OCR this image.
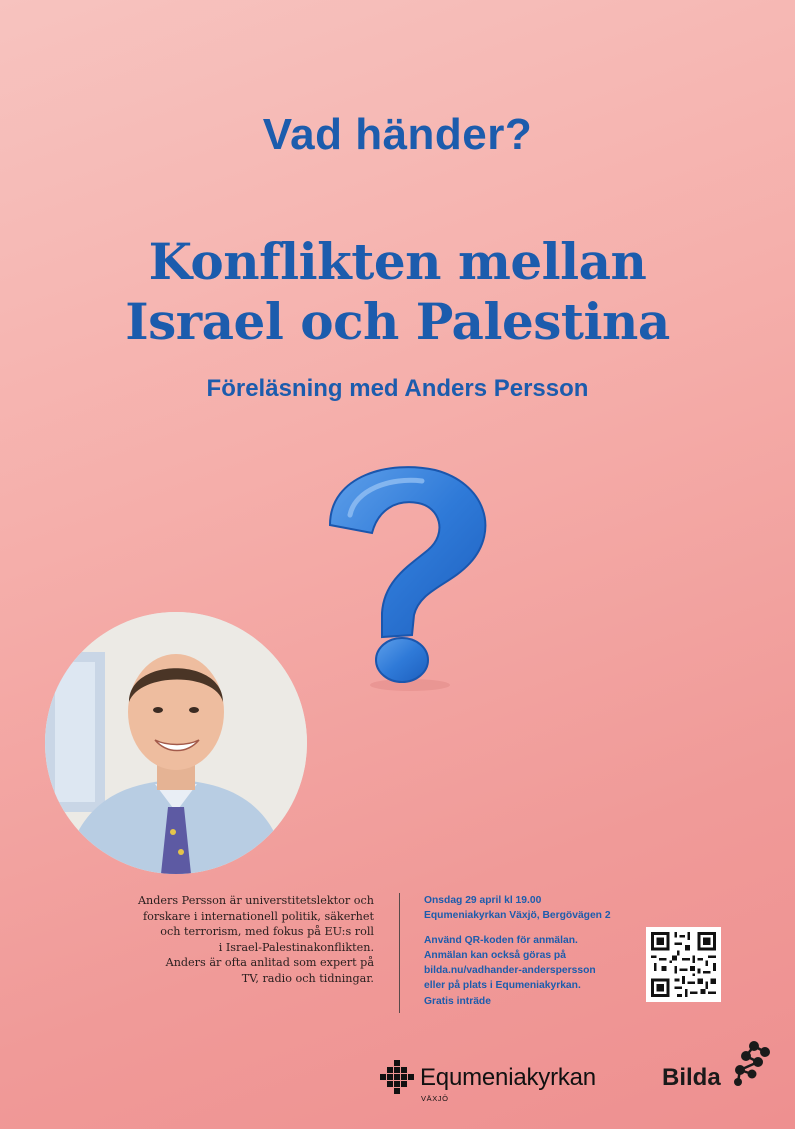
Vad händer?
Konflikten mellan
Israel och Palestina
Föreläsning med Anders Persson
Anders Persson är universtitetslektor och
forskare i internationell politik, säkerhet
och terrorism, med fokus på EU:s roll
i Israel-Palestinakonflikten.
Anders är ofta anlitad som expert på
TV, radio och tidningar.
Onsdag 29 april kl 19.00
Equmeniakyrkan Växjö, Bergövägen 2
Använd QR-koden för anmälan.
Anmälan kan också göras på
bilda.nu/vadhander-anderspersson
eller på plats i Equmeniakyrkan.
Gratis inträde
Equmeniakyrkan
VÄXJÖ
Bilda
